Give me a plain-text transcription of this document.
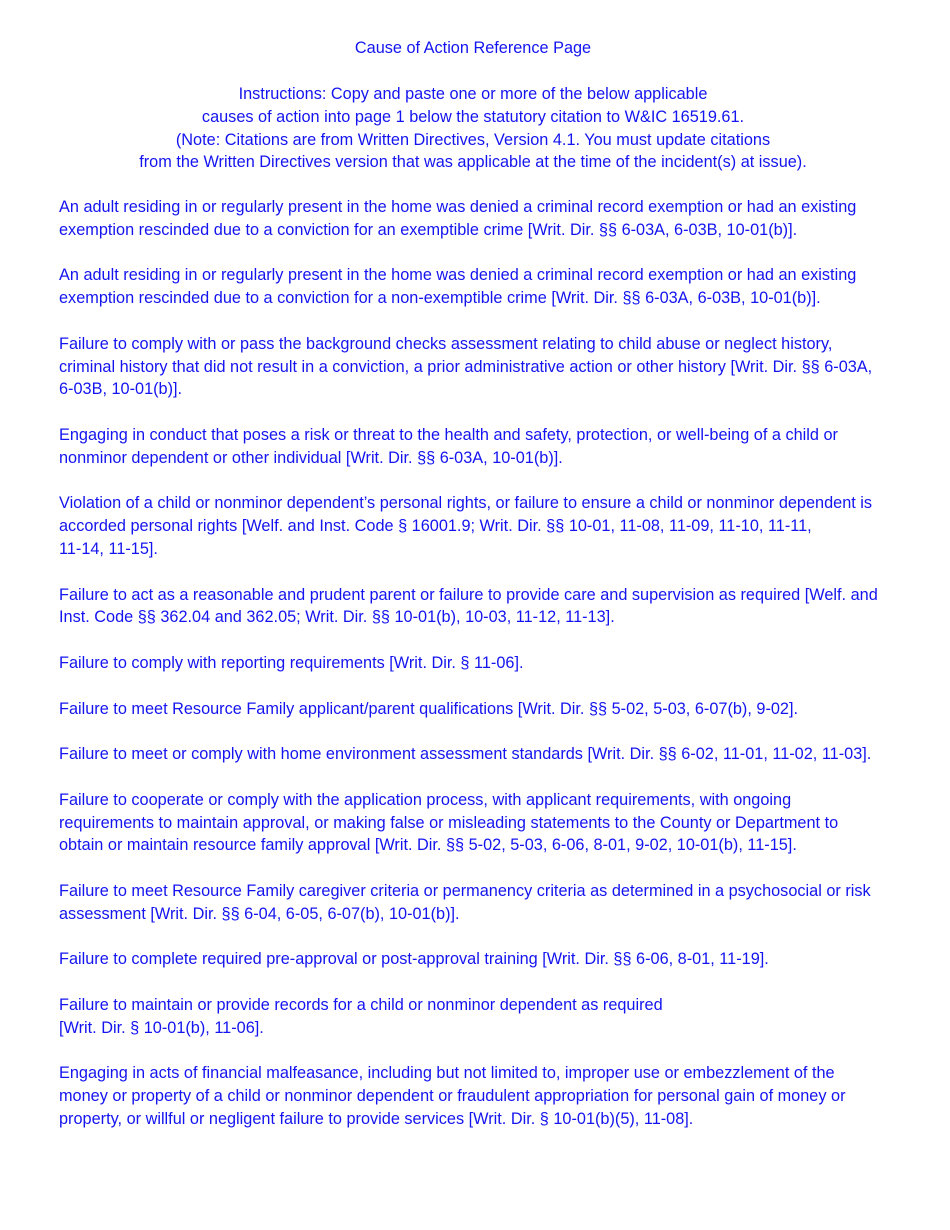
Cause of Action Reference Page
Instructions: Copy and paste one or more of the below applicable
causes of action into page 1 below the statutory citation to W&IC 16519.61.
(Note: Citations are from Written Directives, Version 4.1. You must update citations
from the Written Directives version that was applicable at the time of the incident(s) at issue).

An adult residing in or regularly present in the home was denied a criminal record exemption or had an existing
exemption rescinded due to a conviction for an exemptible crime [Writ. Dir. §§ 6-03A, 6-03B, 10-01(b)].

An adult residing in or regularly present in the home was denied a criminal record exemption or had an existing
exemption rescinded due to a conviction for a non-exemptible crime [Writ. Dir. §§ 6-03A, 6-03B, 10-01(b)].

Failure to comply with or pass the background checks assessment relating to child abuse or neglect history,
criminal history that did not result in a conviction, a prior administrative action or other history [Writ. Dir. §§ 6-03A,
6-03B, 10-01(b)].

Engaging in conduct that poses a risk or threat to the health and safety, protection, or well-being of a child or
nonminor dependent or other individual [Writ. Dir. §§ 6-03A, 10-01(b)].

Violation of a child or nonminor dependent’s personal rights, or failure to ensure a child or nonminor dependent is
accorded personal rights [Welf. and Inst. Code § 16001.9; Writ. Dir. §§ 10-01, 11-08, 11-09, 11-10, 11-11,
11-14, 11-15].

Failure to act as a reasonable and prudent parent or failure to provide care and supervision as required [Welf. and
Inst. Code §§ 362.04 and 362.05; Writ. Dir. §§ 10-01(b), 10-03, 11-12, 11-13].

Failure to comply with reporting requirements [Writ. Dir. § 11-06].

Failure to meet Resource Family applicant/parent qualifications [Writ. Dir. §§ 5-02, 5-03, 6-07(b), 9-02].

Failure to meet or comply with home environment assessment standards [Writ. Dir. §§ 6-02, 11-01, 11-02, 11-03].

Failure to cooperate or comply with the application process, with applicant requirements, with ongoing
requirements to maintain approval, or making false or misleading statements to the County or Department to
obtain or maintain resource family approval [Writ. Dir. §§ 5-02, 5-03, 6-06, 8-01, 9-02, 10-01(b), 11-15].

Failure to meet Resource Family caregiver criteria or permanency criteria as determined in a psychosocial or risk
assessment [Writ. Dir. §§ 6-04, 6-05, 6-07(b), 10-01(b)].

Failure to complete required pre-approval or post-approval training [Writ. Dir. §§ 6-06, 8-01, 11-19].

Failure to maintain or provide records for a child or nonminor dependent as required
[Writ. Dir. § 10-01(b), 11-06].

Engaging in acts of financial malfeasance, including but not limited to, improper use or embezzlement of the
money or property of a child or nonminor dependent or fraudulent appropriation for personal gain of money or
property, or willful or negligent failure to provide services [Writ. Dir. § 10-01(b)(5), 11-08].
